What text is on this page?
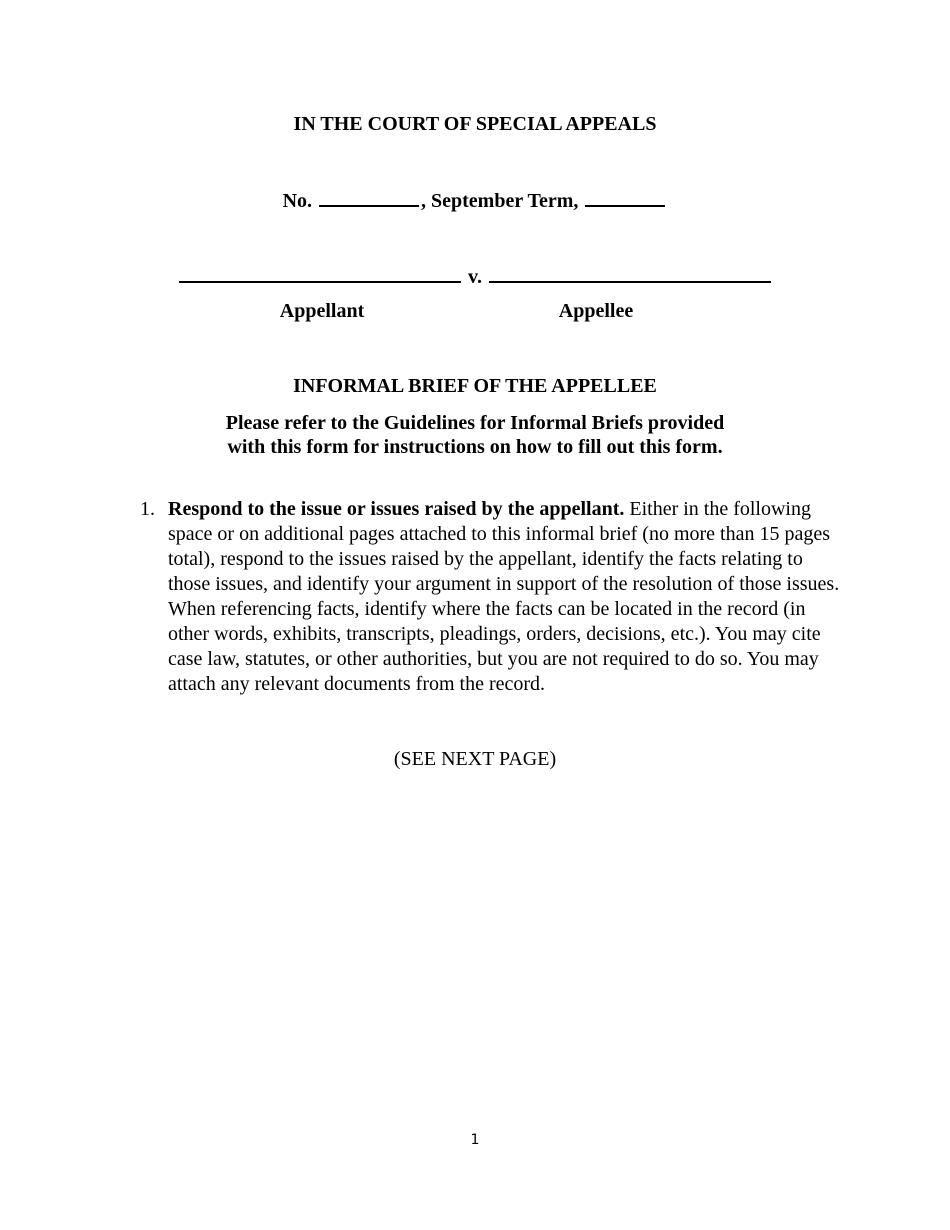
IN THE COURT OF SPECIAL APPEALS
No.	, September Term,
v.
Appellant	Appellee
INFORMAL BRIEF OF THE APPELLEE
Please refer to the Guidelines for Informal Briefs provided
with this form for instructions on how to fill out this form.
1. Respond to the issue or issues raised by the appellant. Either in the following space or on additional pages attached to this informal brief (no more than 15 pages total), respond to the issues raised by the appellant, identify the facts relating to those issues, and identify your argument in support of the resolution of those issues. When referencing facts, identify where the facts can be located in the record (in other words, exhibits, transcripts, pleadings, orders, decisions, etc.). You may cite case law, statutes, or other authorities, but you are not required to do so. You may attach any relevant documents from the record.
(SEE NEXT PAGE)
1
